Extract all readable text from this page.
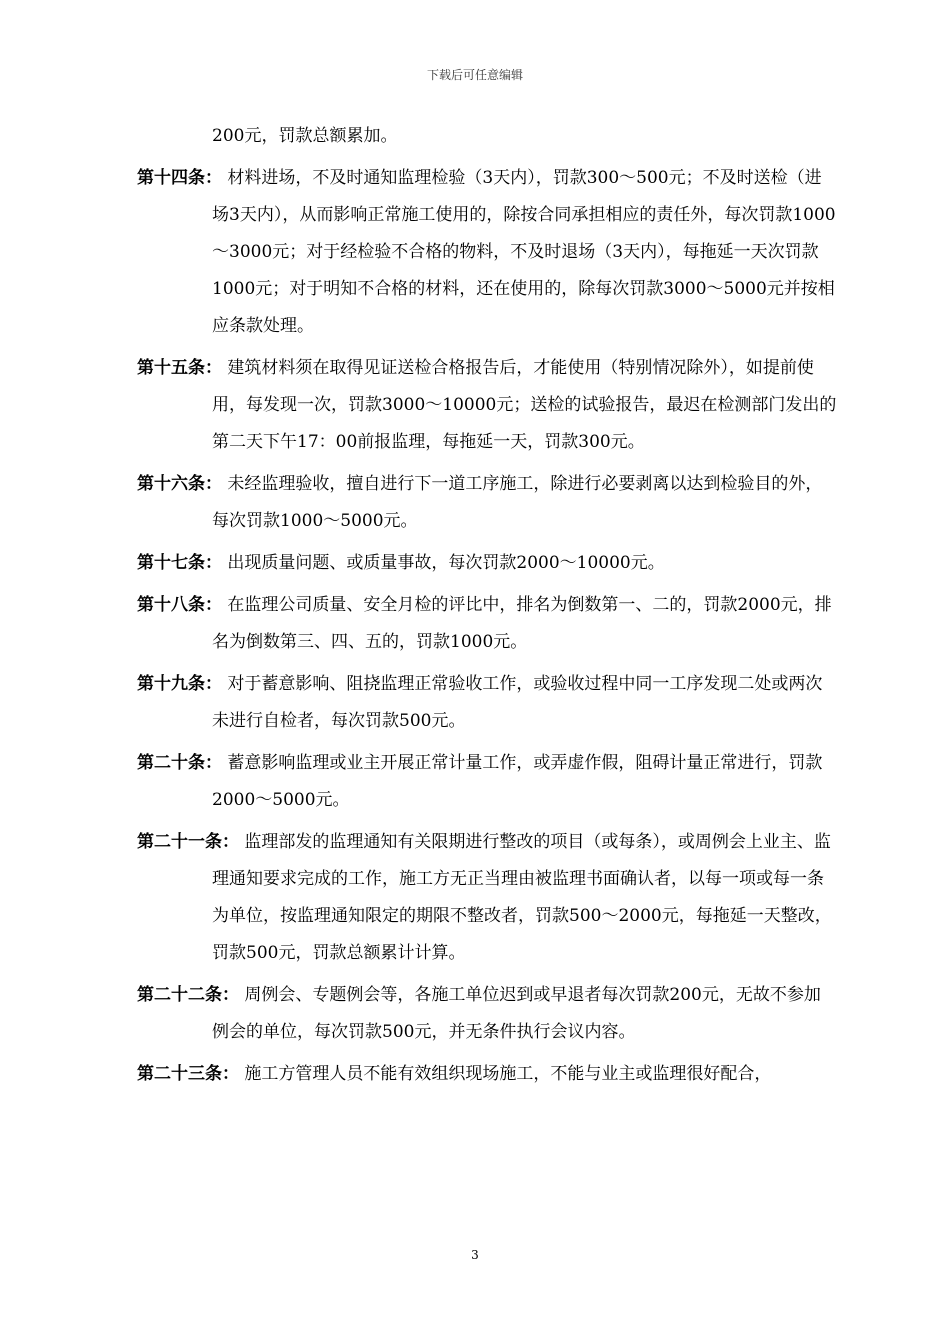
下载后可任意编辑
200元，罚款总额累加。
第十四条： 材料进场，不及时通知监理检验（3天内），罚款300～500元；不及时送检（进场3天内），从而影响正常施工使用的，除按合同承担相应的责任外，每次罚款1000～3000元；对于经检验不合格的物料，不及时退场（3天内），每拖延一天次罚款1000元；对于明知不合格的材料，还在使用的，除每次罚款3000～5000元并按相应条款处理。
第十五条： 建筑材料须在取得见证送检合格报告后，才能使用（特别情况除外），如提前使用，每发现一次，罚款3000～10000元；送检的试验报告，最迟在检测部门发出的第二天下午17：00前报监理，每拖延一天，罚款300元。
第十六条： 未经监理验收，擅自进行下一道工序施工，除进行必要剥离以达到检验目的外，每次罚款1000～5000元。
第十七条： 出现质量问题、或质量事故，每次罚款2000～10000元。
第十八条： 在监理公司质量、安全月检的评比中，排名为倒数第一、二的，罚款2000元，排名为倒数第三、四、五的，罚款1000元。
第十九条： 对于蓄意影响、阻挠监理正常验收工作，或验收过程中同一工序发现二处或两次未进行自检者，每次罚款500元。
第二十条： 蓄意影响监理或业主开展正常计量工作，或弄虚作假，阻碍计量正常进行，罚款2000～5000元。
第二十一条： 监理部发的监理通知有关限期进行整改的项目（或每条），或周例会上业主、监理通知要求完成的工作，施工方无正当理由被监理书面确认者，以每一项或每一条为单位，按监理通知限定的期限不整改者，罚款500～2000元，每拖延一天整改，罚款500元，罚款总额累计计算。
第二十二条： 周例会、专题例会等，各施工单位迟到或早退者每次罚款200元，无故不参加例会的单位，每次罚款500元，并无条件执行会议内容。
第二十三条： 施工方管理人员不能有效组织现场施工，不能与业主或监理很好配合，
3
